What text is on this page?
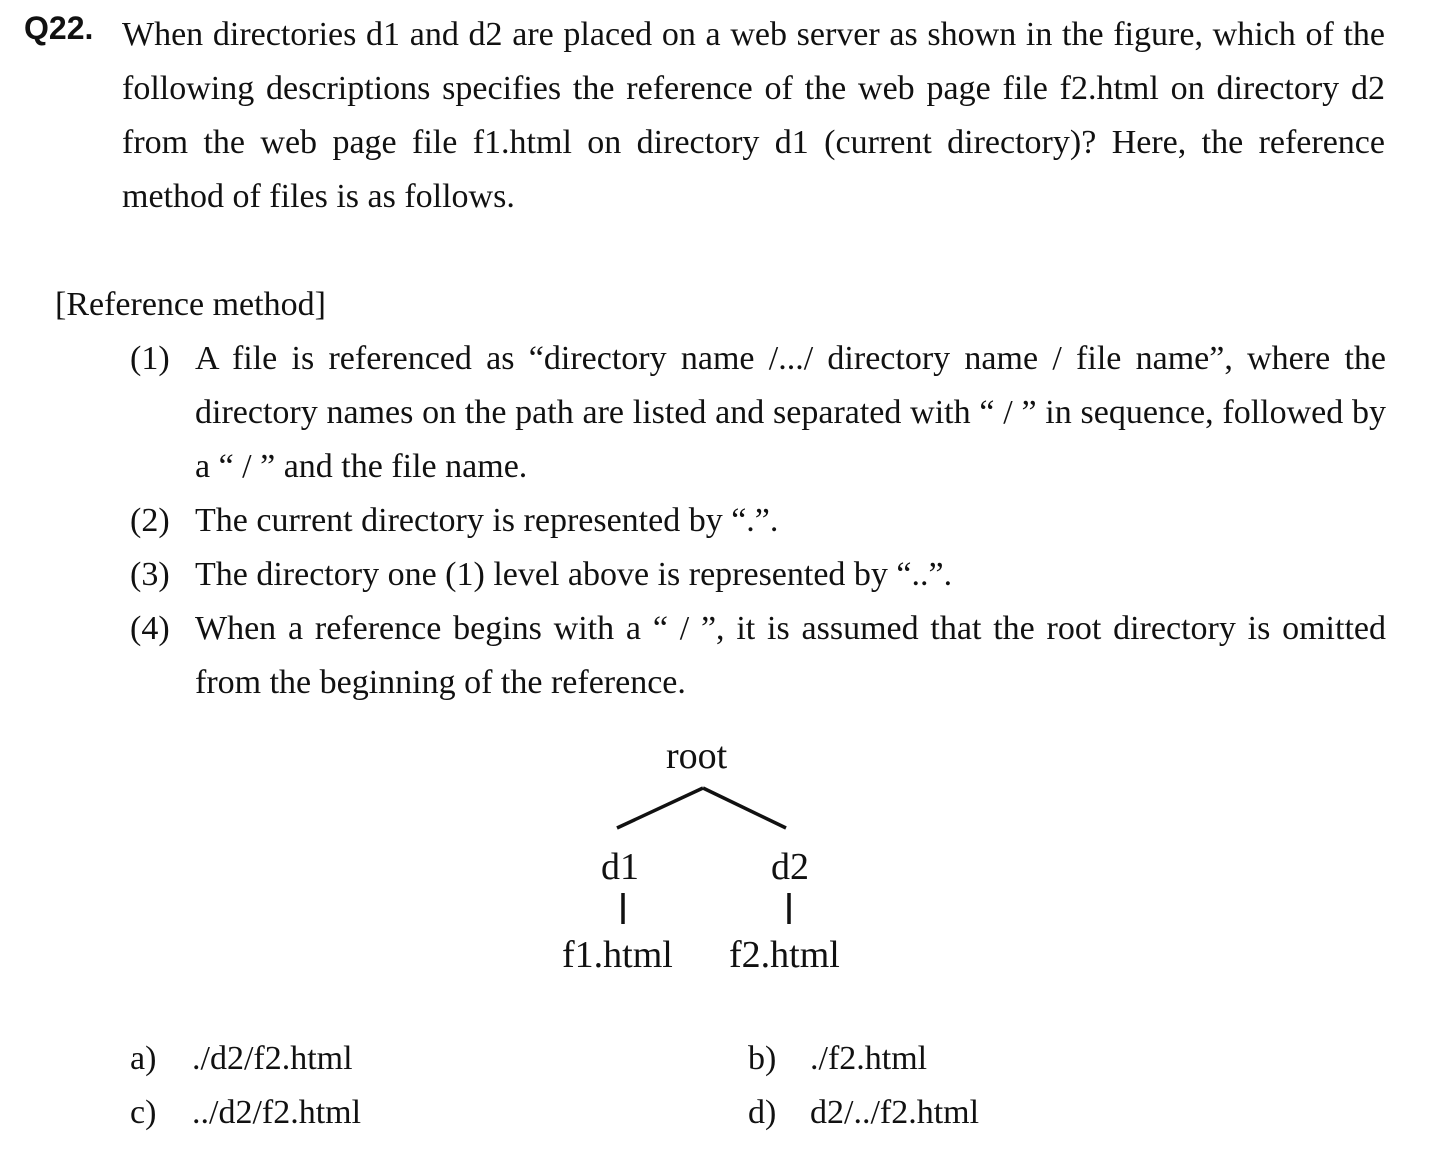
Q22. When directories d1 and d2 are placed on a web server as shown in the figure, which of the following descriptions specifies the reference of the web page file f2.html on directory d2 from the web page file f1.html on directory d1 (current directory)? Here, the reference method of files is as follows.

[Reference method]
(1) A file is referenced as “directory name /.../ directory name / file name”, where the directory names on the path are listed and separated with “ / ” in sequence, followed by a “ / ” and the file name.
(2) The current directory is represented by “.”.
(3) The directory one (1) level above is represented by “..”.
(4) When a reference begins with a “ / ”, it is assumed that the root directory is omitted from the beginning of the reference.
root
d1	d2
f1.html f2.html
a) ./d2/f2.html	b) ./f2.html
c) ../d2/f2.html	d) d2/../f2.html
